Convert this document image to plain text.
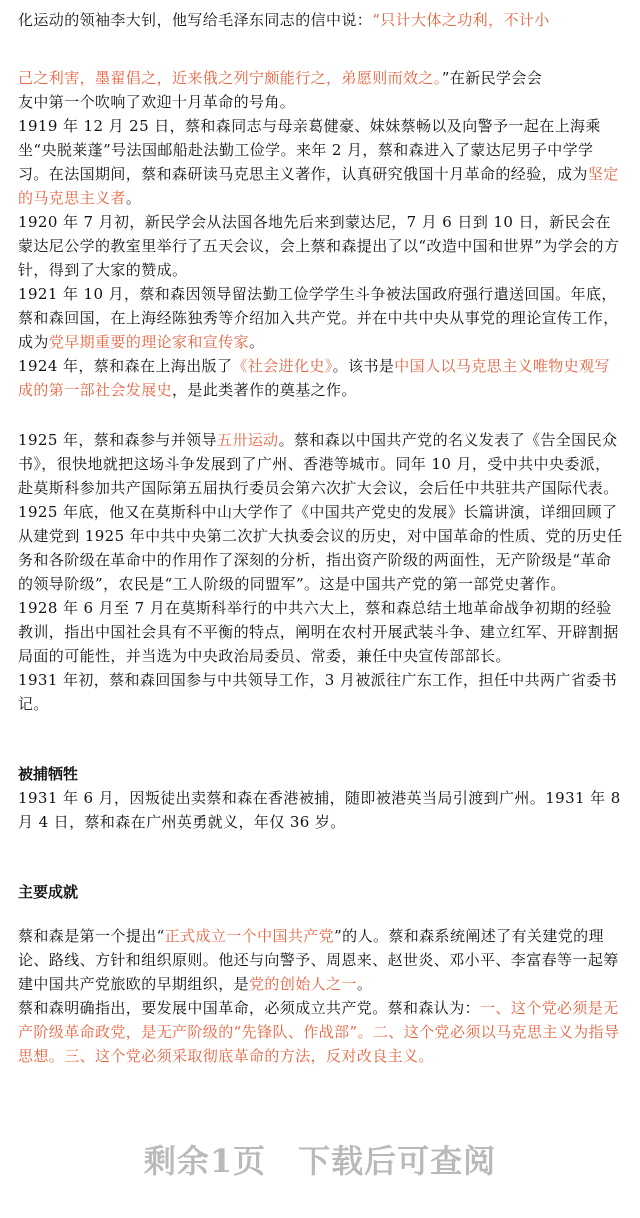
化运动的领袖李大钊，他写给毛泽东同志的信中说：“只计大体之功利，不计小

己之利害，墨翟倡之，近来俄之列宁颇能行之，弟愿则而效之。”在新民学会会

友中第一个吹响了欢迎十月革命的号角。

1919 年 12 月 25 日，蔡和森同志与母亲葛健豪、妹妹蔡畅以及向警予一起在上海乘坐“央脱莱蓬”号法国邮船赴法勤工俭学。来年 2 月，蔡和森进入了蒙达尼男子中学学习。在法国期间，蔡和森研读马克思主义著作，认真研究俄国十月革命的经验，成为坚定的马克思主义者。

1920 年 7 月初，新民学会从法国各地先后来到蒙达尼，7 月 6 日到 10 日，新民会在蒙达尼公学的教室里举行了五天会议，会上蔡和森提出了以“改造中国和世界”为学会的方针，得到了大家的赞成。

1921 年 10 月，蔡和森因领导留法勤工俭学学生斗争被法国政府强行遣送回国。年底，蔡和森回国，在上海经陈独秀等介绍加入共产党。并在中共中央从事党的理论宣传工作，成为党早期重要的理论家和宣传家。

1924 年，蔡和森在上海出版了《社会进化史》。该书是中国人以马克思主义唯物史观写成的第一部社会发展史，是此类著作的奠基之作。

1925 年，蔡和森参与并领导五卅运动。蔡和森以中国共产党的名义发表了《告全国民众书》，很快地就把这场斗争发展到了广州、香港等城市。同年 10 月，受中共中央委派，赴莫斯科参加共产国际第五届执行委员会第六次扩大会议，会后任中共驻共产国际代表。1925 年底，他又在莫斯科中山大学作了《中国共产党史的发展》长篇讲演，详细回顾了从建党到 1925 年中共中央第二次扩大执委会议的历史，对中国革命的性质、党的历史任务和各阶级在革命中的作用作了深刻的分析，指出资产阶级的两面性，无产阶级是“革命的领导阶级”，农民是“工人阶级的同盟军”。这是中国共产党的第一部党史著作。

1928 年 6 月至 7 月在莫斯科举行的中共六大上，蔡和森总结土地革命战争初期的经验教训，指出中国社会具有不平衡的特点，阐明在农村开展武装斗争、建立红军、开辟割据局面的可能性，并当选为中央政治局委员、常委，兼任中央宣传部部长。

1931 年初，蔡和森回国参与中共领导工作，3 月被派往广东工作，担任中共两广省委书记。

被捕牺牲

1931 年 6 月，因叛徒出卖蔡和森在香港被捕，随即被港英当局引渡到广州。1931 年 8 月 4 日，蔡和森在广州英勇就义，年仅 36 岁。

主要成就

蔡和森是第一个提出“正式成立一个中国共产党”的人。蔡和森系统阐述了有关建党的理论、路线、方针和组织原则。他还与向警予、周恩来、赵世炎、邓小平、李富春等一起筹建中国共产党旅欧的早期组织，是党的创始人之一。

蔡和森明确指出，要发展中国革命，必须成立共产党。蔡和森认为：一、这个党必须是无产阶级革命政党，是无产阶级的“先锋队、作战部”。二、这个党必须以马克思主义为指导思想。三、这个党必须采取彻底革命的方法，反对改良主义。

剩余1页 下载后可查阅
